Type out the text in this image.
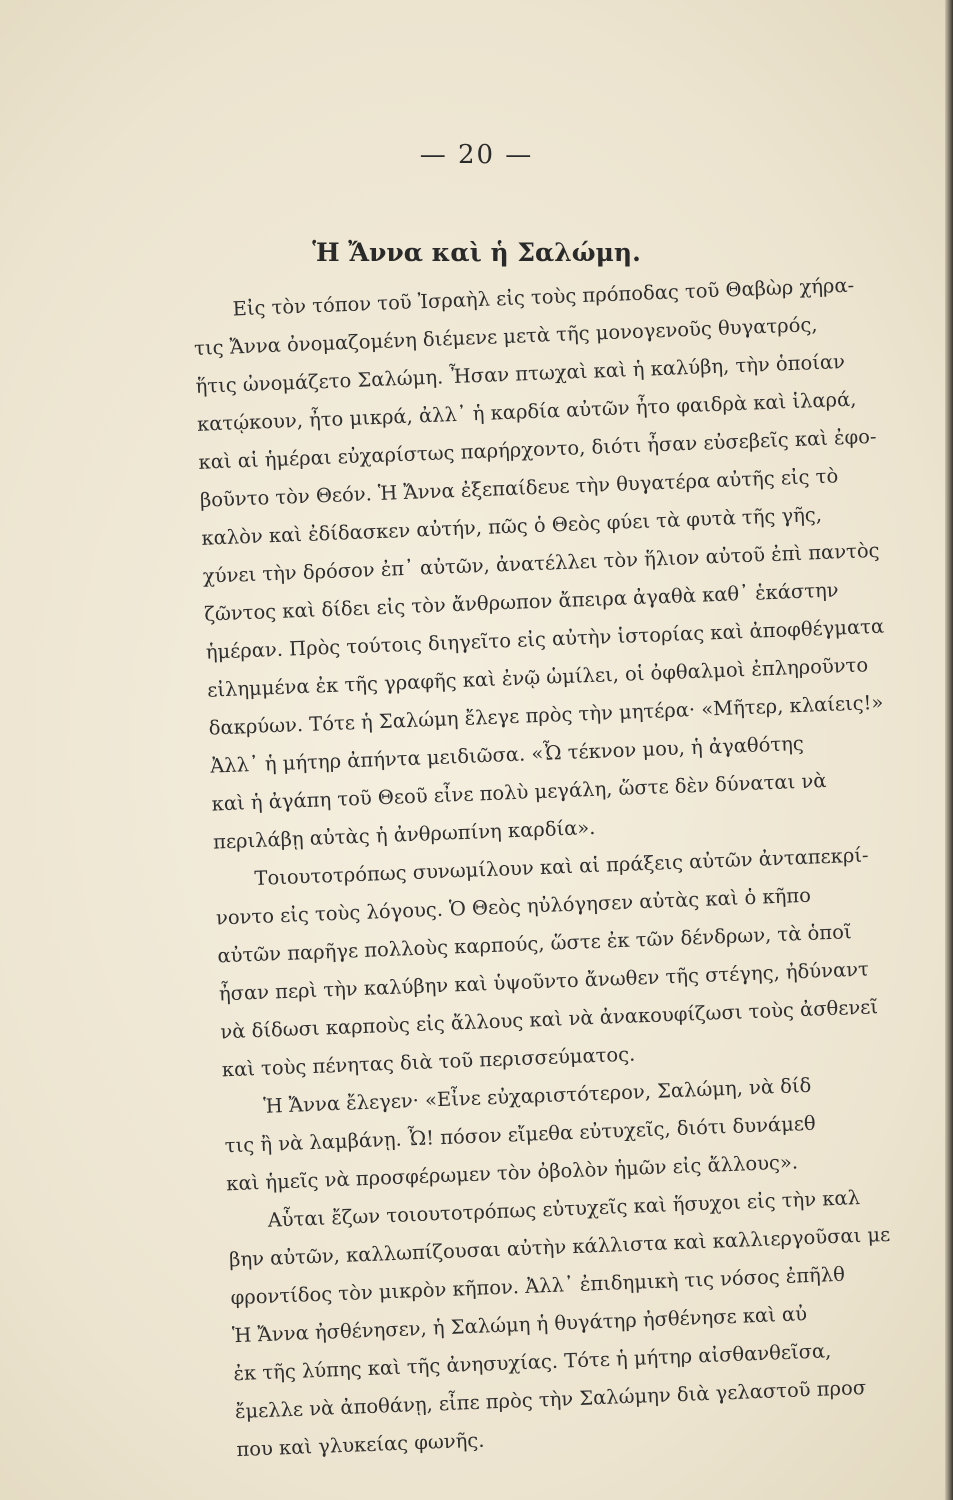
— 20 —
Ἡ Ἄννα καὶ ἡ Σαλώμη.
Εἰς τὸν τόπον τοῦ Ἰσραὴλ εἰς τοὺς πρόποδας τοῦ Θαβὼρ χήρα-
τις Ἄννα ὀνομαζομένη διέμενε μετὰ τῆς μονογενοῦς θυγατρός,
ἥτις ὠνομάζετο Σαλώμη. Ἦσαν πτωχαὶ καὶ ἡ καλύβη, τὴν ὁποίαν
κατῴκουν, ἦτο μικρά, ἀλλ᾿ ἡ καρδία αὐτῶν ἦτο φαιδρὰ καὶ ἱλαρά,
καὶ αἱ ἡμέραι εὐχαρίστως παρήρχοντο, διότι ἦσαν εὐσεβεῖς καὶ ἐφο-
βοῦντο τὸν Θεόν. Ἡ Ἄννα ἐξεπαίδευε τὴν θυγατέρα αὐτῆς εἰς τὸ
καλὸν καὶ ἐδίδασκεν αὐτήν, πῶς ὁ Θεὸς φύει τὰ φυτὰ τῆς γῆς,
χύνει τὴν δρόσον ἐπ᾿ αὐτῶν, ἀνατέλλει τὸν ἥλιον αὐτοῦ ἐπὶ παντὸς
ζῶντος καὶ δίδει εἰς τὸν ἄνθρωπον ἄπειρα ἀγαθὰ καθ᾿ ἑκάστην
ἡμέραν. Πρὸς τούτοις διηγεῖτο εἰς αὐτὴν ἱστορίας καὶ ἀποφθέγματα
εἰλημμένα ἐκ τῆς γραφῆς καὶ ἐνῷ ὡμίλει, οἱ ὀφθαλμοὶ ἐπληροῦντο
δακρύων. Τότε ἡ Σαλώμη ἔλεγε πρὸς τὴν μητέρα· «Μῆτερ, κλαίεις!»
Ἀλλ᾿ ἡ μήτηρ ἀπήντα μειδιῶσα. «Ὦ τέκνον μου, ἡ ἀγαθότης
καὶ ἡ ἀγάπη τοῦ Θεοῦ εἶνε πολὺ μεγάλη, ὥστε δὲν δύναται νὰ
περιλάβῃ αὐτὰς ἡ ἀνθρωπίνη καρδία».
Τοιουτοτρόπως συνωμίλουν καὶ αἱ πράξεις αὐτῶν ἀνταπεκρί-
νοντο εἰς τοὺς λόγους. Ὁ Θεὸς ηὐλόγησεν αὐτὰς καὶ ὁ κῆπο
αὐτῶν παρῆγε πολλοὺς καρπούς, ὥστε ἐκ τῶν δένδρων, τὰ ὁποῖ
ἦσαν περὶ τὴν καλύβην καὶ ὑψοῦντο ἄνωθεν τῆς στέγης, ἠδύναντ
νὰ δίδωσι καρποὺς εἰς ἄλλους καὶ νὰ ἀνακουφίζωσι τοὺς ἀσθενεῖ
καὶ τοὺς πένητας διὰ τοῦ περισσεύματος.
Ἡ Ἄννα ἔλεγεν· «Εἶνε εὐχαριστότερον, Σαλώμη, νὰ δίδ
τις ἢ νὰ λαμβάνῃ. Ὦ! πόσον εἴμεθα εὐτυχεῖς, διότι δυνάμεθ
καὶ ἡμεῖς νὰ προσφέρωμεν τὸν ὀβολὸν ἡμῶν εἰς ἄλλους».
Αὗται ἔζων τοιουτοτρόπως εὐτυχεῖς καὶ ἥσυχοι εἰς τὴν καλ
βην αὐτῶν, καλλωπίζουσαι αὐτὴν κάλλιστα καὶ καλλιεργοῦσαι με
φροντίδος τὸν μικρὸν κῆπον. Ἀλλ᾿ ἐπιδημικὴ τις νόσος ἐπῆλθ
Ἡ Ἄννα ἠσθένησεν, ἡ Σαλώμη ἡ θυγάτηρ ἠσθένησε καὶ αὐ
ἐκ τῆς λύπης καὶ τῆς ἀνησυχίας. Τότε ἡ μήτηρ αἰσθανθεῖσα,
ἔμελλε νὰ ἀποθάνῃ, εἶπε πρὸς τὴν Σαλώμην διὰ γελαστοῦ προσ
που καὶ γλυκείας φωνῆς.
